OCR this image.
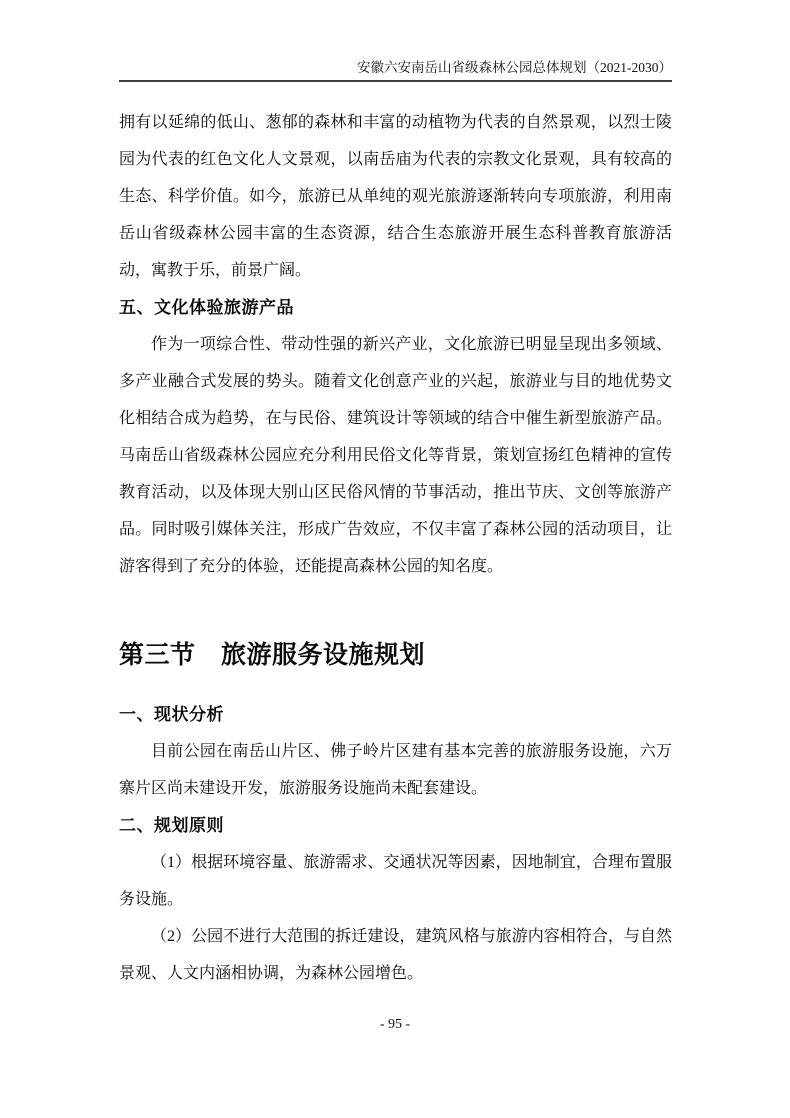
安徽六安南岳山省级森林公园总体规划（2021-2030）

拥有以延绵的低山、葱郁的森林和丰富的动植物为代表的自然景观，以烈士陵园为代表的红色文化人文景观，以南岳庙为代表的宗教文化景观，具有较高的生态、科学价值。如今，旅游已从单纯的观光旅游逐渐转向专项旅游，利用南岳山省级森林公园丰富的生态资源，结合生态旅游开展生态科普教育旅游活动，寓教于乐，前景广阔。

五、文化体验旅游产品

作为一项综合性、带动性强的新兴产业，文化旅游已明显呈现出多领域、多产业融合式发展的势头。随着文化创意产业的兴起，旅游业与目的地优势文化相结合成为趋势，在与民俗、建筑设计等领域的结合中催生新型旅游产品。马南岳山省级森林公园应充分利用民俗文化等背景，策划宣扬红色精神的宣传教育活动，以及体现大别山区民俗风情的节事活动，推出节庆、文创等旅游产品。同时吸引媒体关注，形成广告效应，不仅丰富了森林公园的活动项目，让游客得到了充分的体验，还能提高森林公园的知名度。

第三节　旅游服务设施规划
一、现状分析

目前公园在南岳山片区、佛子岭片区建有基本完善的旅游服务设施，六万寨片区尚未建设开发，旅游服务设施尚未配套建设。

二、规划原则

（1）根据环境容量、旅游需求、交通状况等因素，因地制宜，合理布置服务设施。

（2）公园不进行大范围的拆迁建设，建筑风格与旅游内容相符合，与自然景观、人文内涵相协调，为森林公园增色。

- 95 -
